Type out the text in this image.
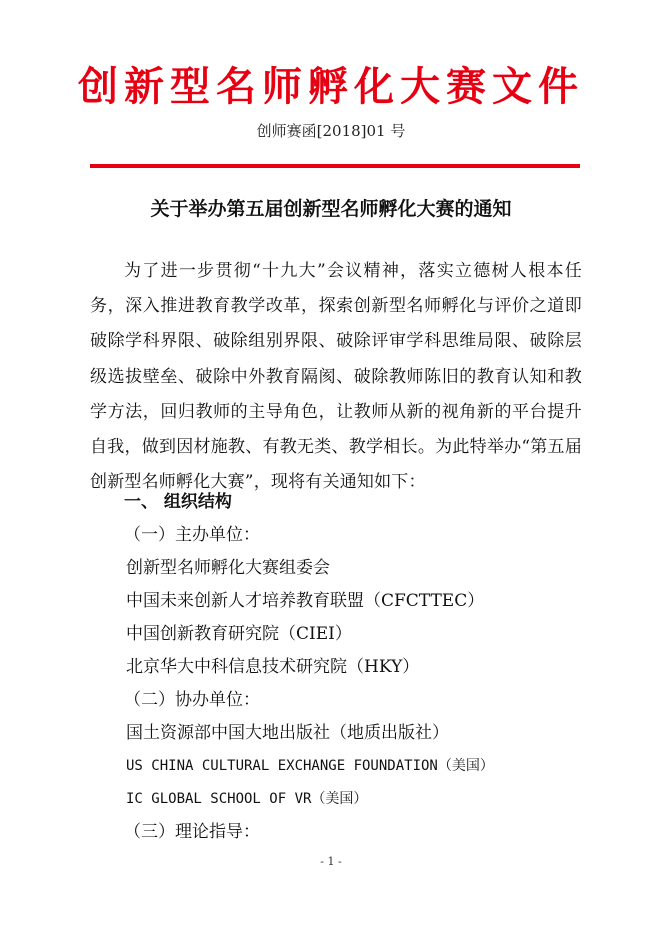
创新型名师孵化大赛文件
创师赛函[2018]01 号
关于举办第五届创新型名师孵化大赛的通知
为了进一步贯彻“十九大”会议精神，落实立德树人根本任务，深入推进教育教学改革，探索创新型名师孵化与评价之道即破除学科界限、破除组别界限、破除评审学科思维局限、破除层级选拔壁垒、破除中外教育隔阂、破除教师陈旧的教育认知和教学方法，回归教师的主导角色，让教师从新的视角新的平台提升自我，做到因材施教、有教无类、教学相长。为此特举办“第五届创新型名师孵化大赛”，现将有关通知如下：
一、 组织结构
（一）主办单位：
创新型名师孵化大赛组委会
中国未来创新人才培养教育联盟（CFCTTEC）
中国创新教育研究院（CIEI）
北京华大中科信息技术研究院（HKY）
（二）协办单位：
国土资源部中国大地出版社（地质出版社）
US CHINA CULTURAL EXCHANGE FOUNDATION（美国）
IC GLOBAL SCHOOL OF VR（美国）
（三）理论指导：
- 1 -
